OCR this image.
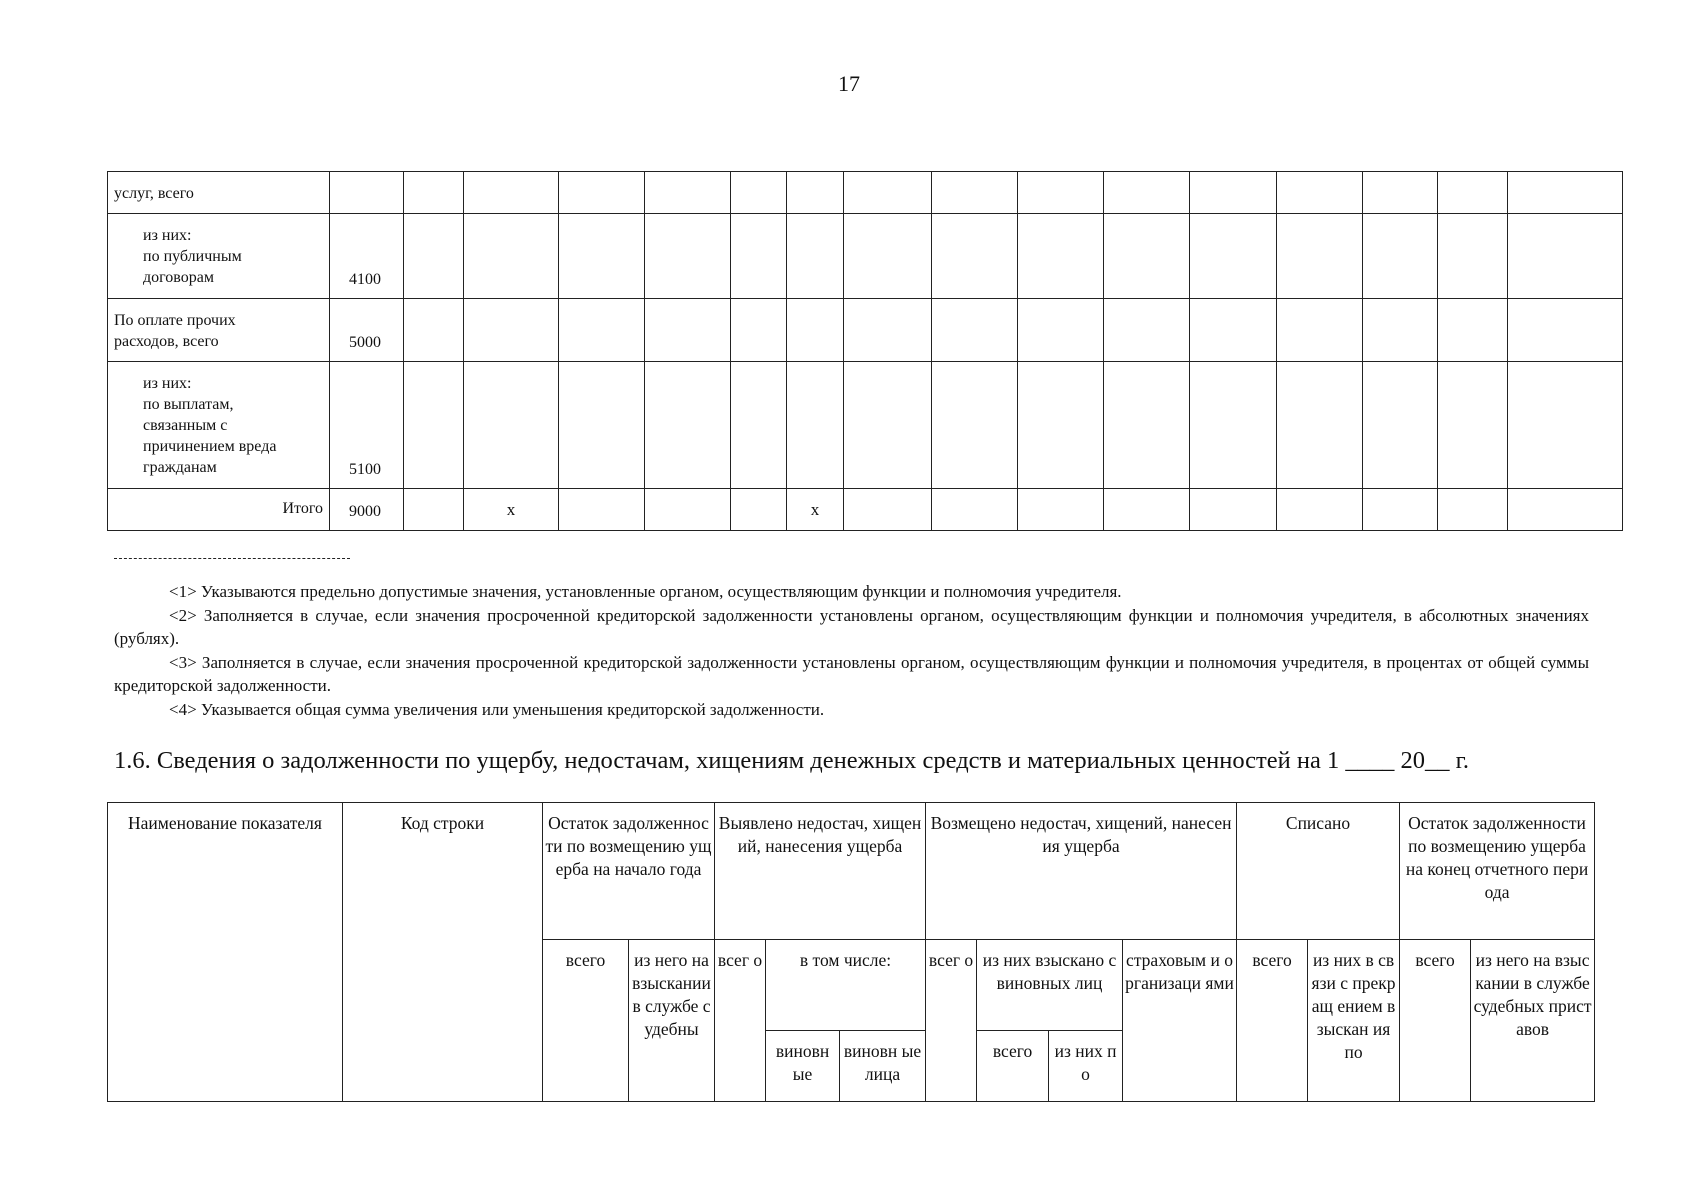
17
услуг, всего																

из них:
по публичным
договорам	4100															

По оплате прочих
расходов, всего	5000															

из них:
по выплатам,
связанным с
причинением вреда
гражданам	5100															
Итого	9000		x				x									

<1> Указываются предельно допустимые значения, установленные органом, осуществляющим функции и полномочия учредителя.

<2> Заполняется в случае, если значения просроченной кредиторской задолженности установлены органом, осуществляющим функции и полномочия учредителя, в абсолютных значениях (рублях).

<3> Заполняется в случае, если значения просроченной кредиторской задолженности установлены органом, осуществляющим функции и полномочия учредителя, в процентах от общей суммы кредиторской задолженности.

<4> Указывается общая сумма увеличения или уменьшения кредиторской задолженности.

1.6. Сведения о задолженности по ущербу, недостачам, хищениям денежных средств и материальных ценностей на 1 ____ 20__ г.
Наименование показателя	Код строки	Остаток задолженности по возмещению ущерба на начало года		Выявлено недостач, хищений, нанесения ущерба			Возмещено недостач, хищений, нанесения ущерба				Списано		Остаток задолженности по возмещению ущерба на конец отчетного периода	
		всего	из него на взыскании в службе судебны	всег о	в том числе:		всег о	из них взыскано с виновных лиц		страховым и организаци ями	всего	из них в связи с прекращ ением взыскан ия по	всего	из него на взыскании в службе судебных приставов
					виновн ые	виновн ые лица		всего	из них по					
